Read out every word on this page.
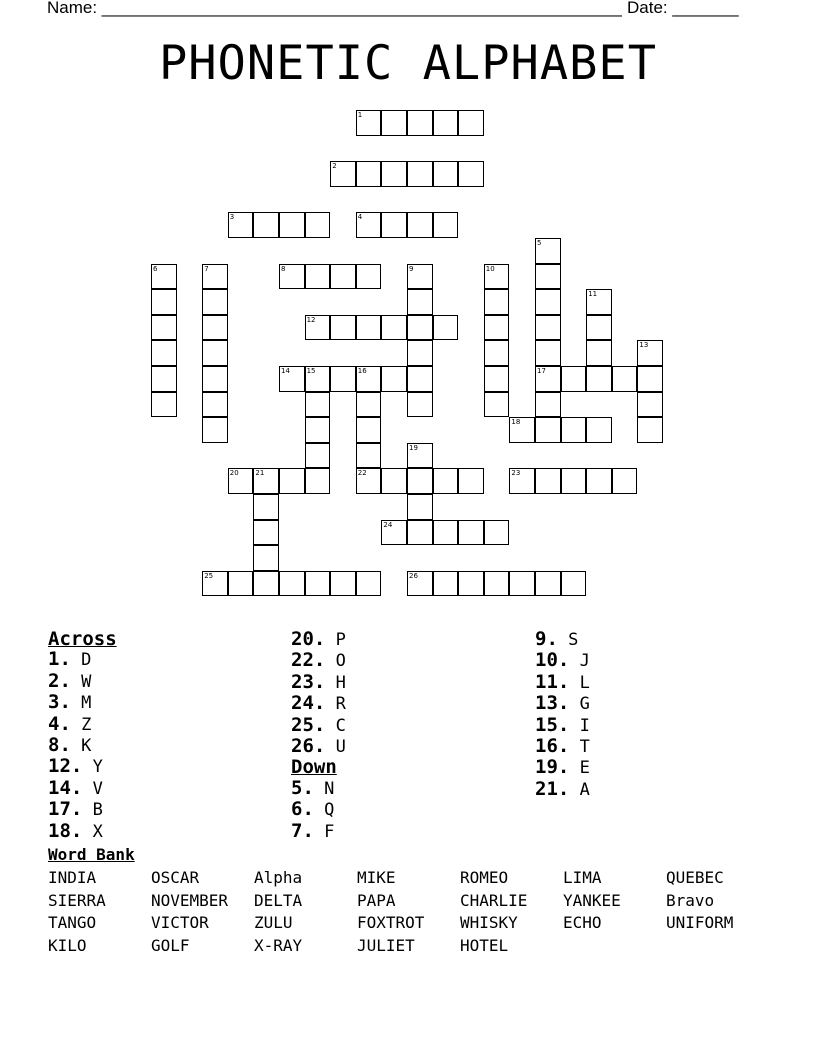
Name: _______________________________________________________ Date: _______
PHONETIC ALPHABET
1
2
3	4
8
12
14 15	16	17
18
20 21	22	23
24
25	26
5
6	7	9	10
11
13
19
Across
1. D
2. W
3. M
4. Z
8. K
12. Y
14. V
17. B
18. X
20. P
22. O
23. H
24. R
25. C
26. U
Down
5. N
6. Q
7. F
9. S
10. J
11. L
13. G
15. I
16. T
19. E
21. A
Word Bank
INDIA	OSCAR	Alpha	MIKE	ROMEO	LIMA	QUEBEC
SIERRA	NOVEMBER	DELTA	PAPA	CHARLIE	YANKEE	Bravo
TANGO	VICTOR	ZULU	FOXTROT	WHISKY	ECHO	UNIFORM
KILO	GOLF	X-RAY	JULIET	HOTEL
